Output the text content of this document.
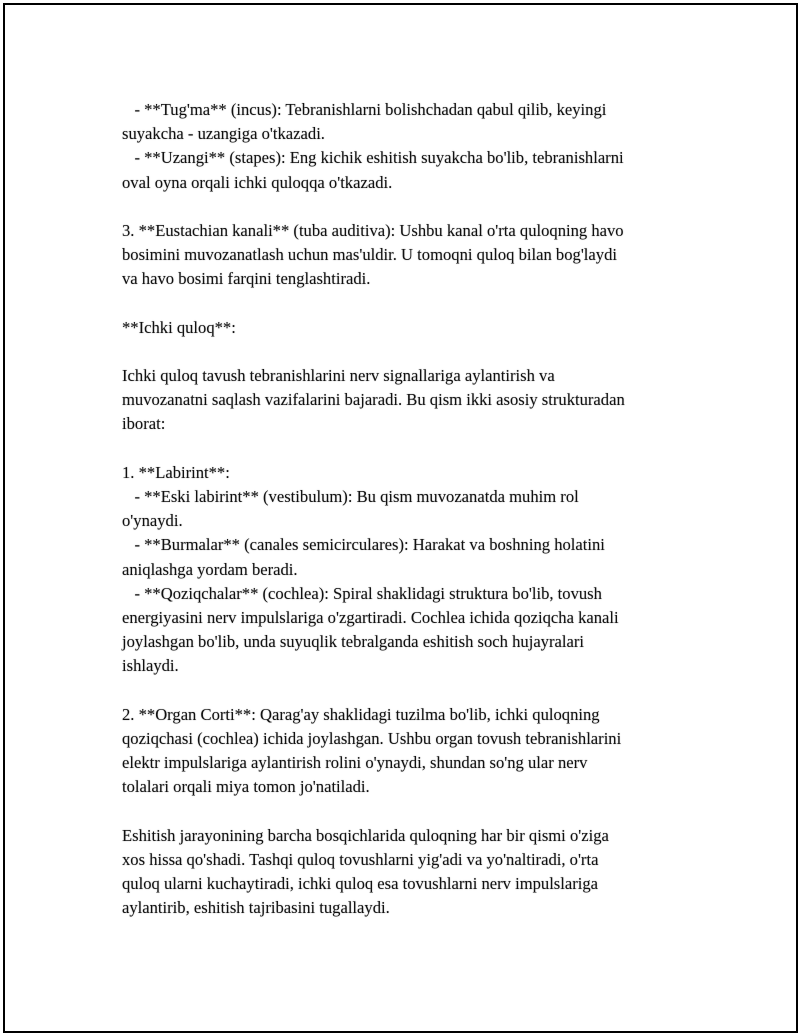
- **Tug'ma** (incus): Tebranishlarni bolishchadan qabul qilib, keyingi
suyakcha - uzangiga o'tkazadi.
- **Uzangi** (stapes): Eng kichik eshitish suyakcha bo'lib, tebranishlarni
oval oyna orqali ichki quloqqa o'tkazadi.
3. **Eustachian kanali** (tuba auditiva): Ushbu kanal o'rta quloqning havo
bosimini muvozanatlash uchun mas'uldir. U tomoqni quloq bilan bog'laydi
va havo bosimi farqini tenglashtiradi.
**Ichki quloq**:
Ichki quloq tavush tebranishlarini nerv signallariga aylantirish va
muvozanatni saqlash vazifalarini bajaradi. Bu qism ikki asosiy strukturadan
iborat:
1. **Labirint**:
- **Eski labirint** (vestibulum): Bu qism muvozanatda muhim rol
o'ynaydi.
- **Burmalar** (canales semicirculares): Harakat va boshning holatini
aniqlashga yordam beradi.
- **Qoziqchalar** (cochlea): Spiral shaklidagi struktura bo'lib, tovush
energiyasini nerv impulslariga o'zgartiradi. Cochlea ichida qoziqcha kanali
joylashgan bo'lib, unda suyuqlik tebralganda eshitish soch hujayralari
ishlaydi.
2. **Organ Corti**: Qarag'ay shaklidagi tuzilma bo'lib, ichki quloqning
qoziqchasi (cochlea) ichida joylashgan. Ushbu organ tovush tebranishlarini
elektr impulslariga aylantirish rolini o'ynaydi, shundan so'ng ular nerv
tolalari orqali miya tomon jo'natiladi.
Eshitish jarayonining barcha bosqichlarida quloqning har bir qismi o'ziga
xos hissa qo'shadi. Tashqi quloq tovushlarni yig'adi va yo'naltiradi, o'rta
quloq ularni kuchaytiradi, ichki quloq esa tovushlarni nerv impulslariga
aylantirib, eshitish tajribasini tugallaydi.
